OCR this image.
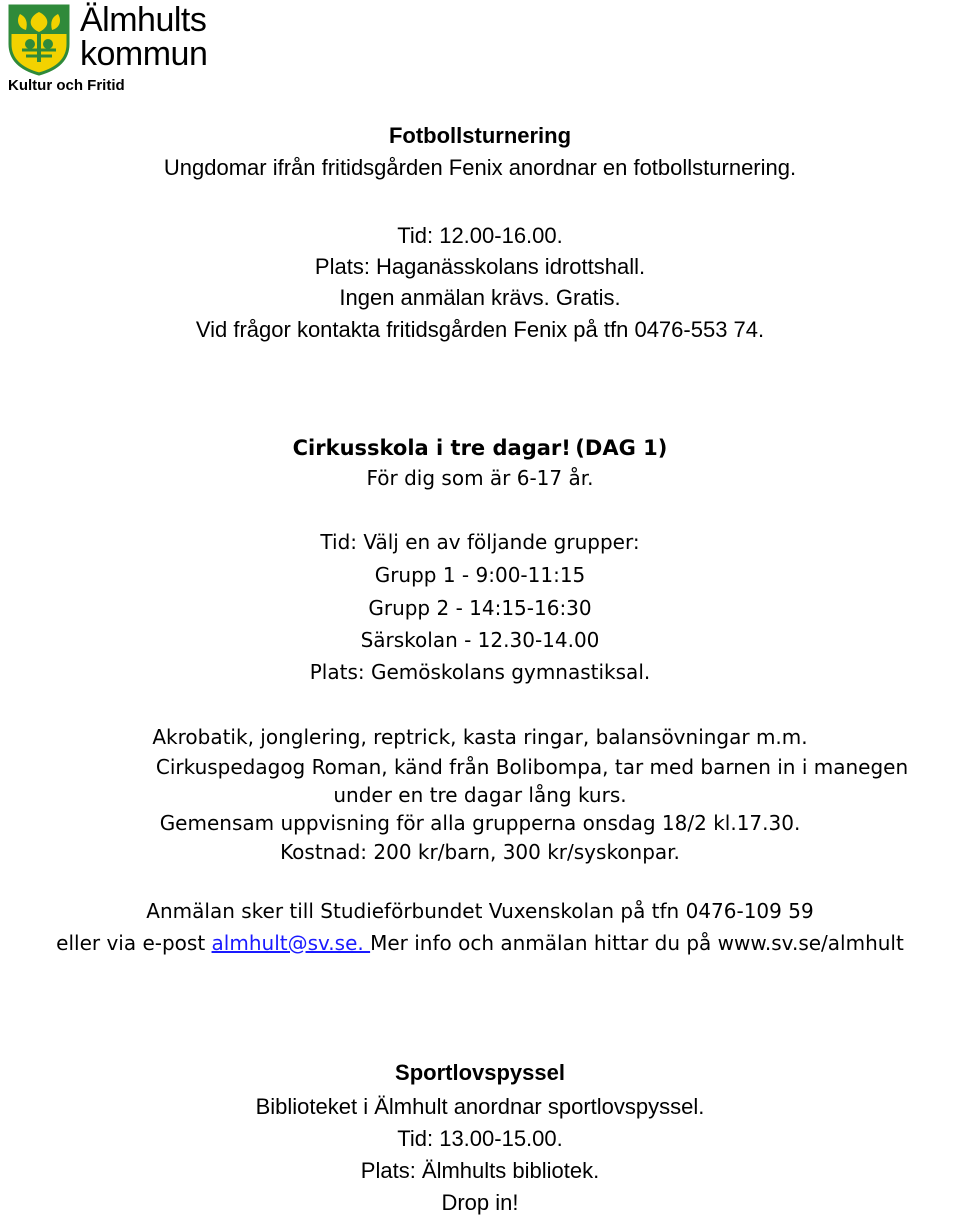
Älmhults
kommun
Kultur och Fritid
Fotbollsturnering
Ungdomar ifrån fritidsgården Fenix anordnar en fotbollsturnering.
Tid: 12.00-16.00.
Plats: Haganässkolans idrottshall.
Ingen anmälan krävs. Gratis.
Vid frågor kontakta fritidsgården Fenix på tfn 0476-553 74.
Cirkusskola i tre dagar! (DAG 1)
För dig som är 6-17 år.
Tid: Välj en av följande grupper:
Grupp 1 - 9:00-11:15
Grupp 2 - 14:15-16:30
Särskolan - 12.30-14.00
Plats: Gemöskolans gymnastiksal.
Akrobatik, jonglering, reptrick, kasta ringar, balansövningar m.m.
Cirkuspedagog Roman, känd från Bolibompa, tar med barnen in i manegen
under en tre dagar lång kurs.
Gemensam uppvisning för alla grupperna onsdag 18/2 kl.17.30.
Kostnad: 200 kr/barn, 300 kr/syskonpar.
Anmälan sker till Studieförbundet Vuxenskolan på tfn 0476-109 59
eller via e-post almhult@sv.se. Mer info och anmälan hittar du på www.sv.se/almhult
Sportlovspyssel
Biblioteket i Älmhult anordnar sportlovspyssel.
Tid: 13.00-15.00.
Plats: Älmhults bibliotek.
Drop in!
